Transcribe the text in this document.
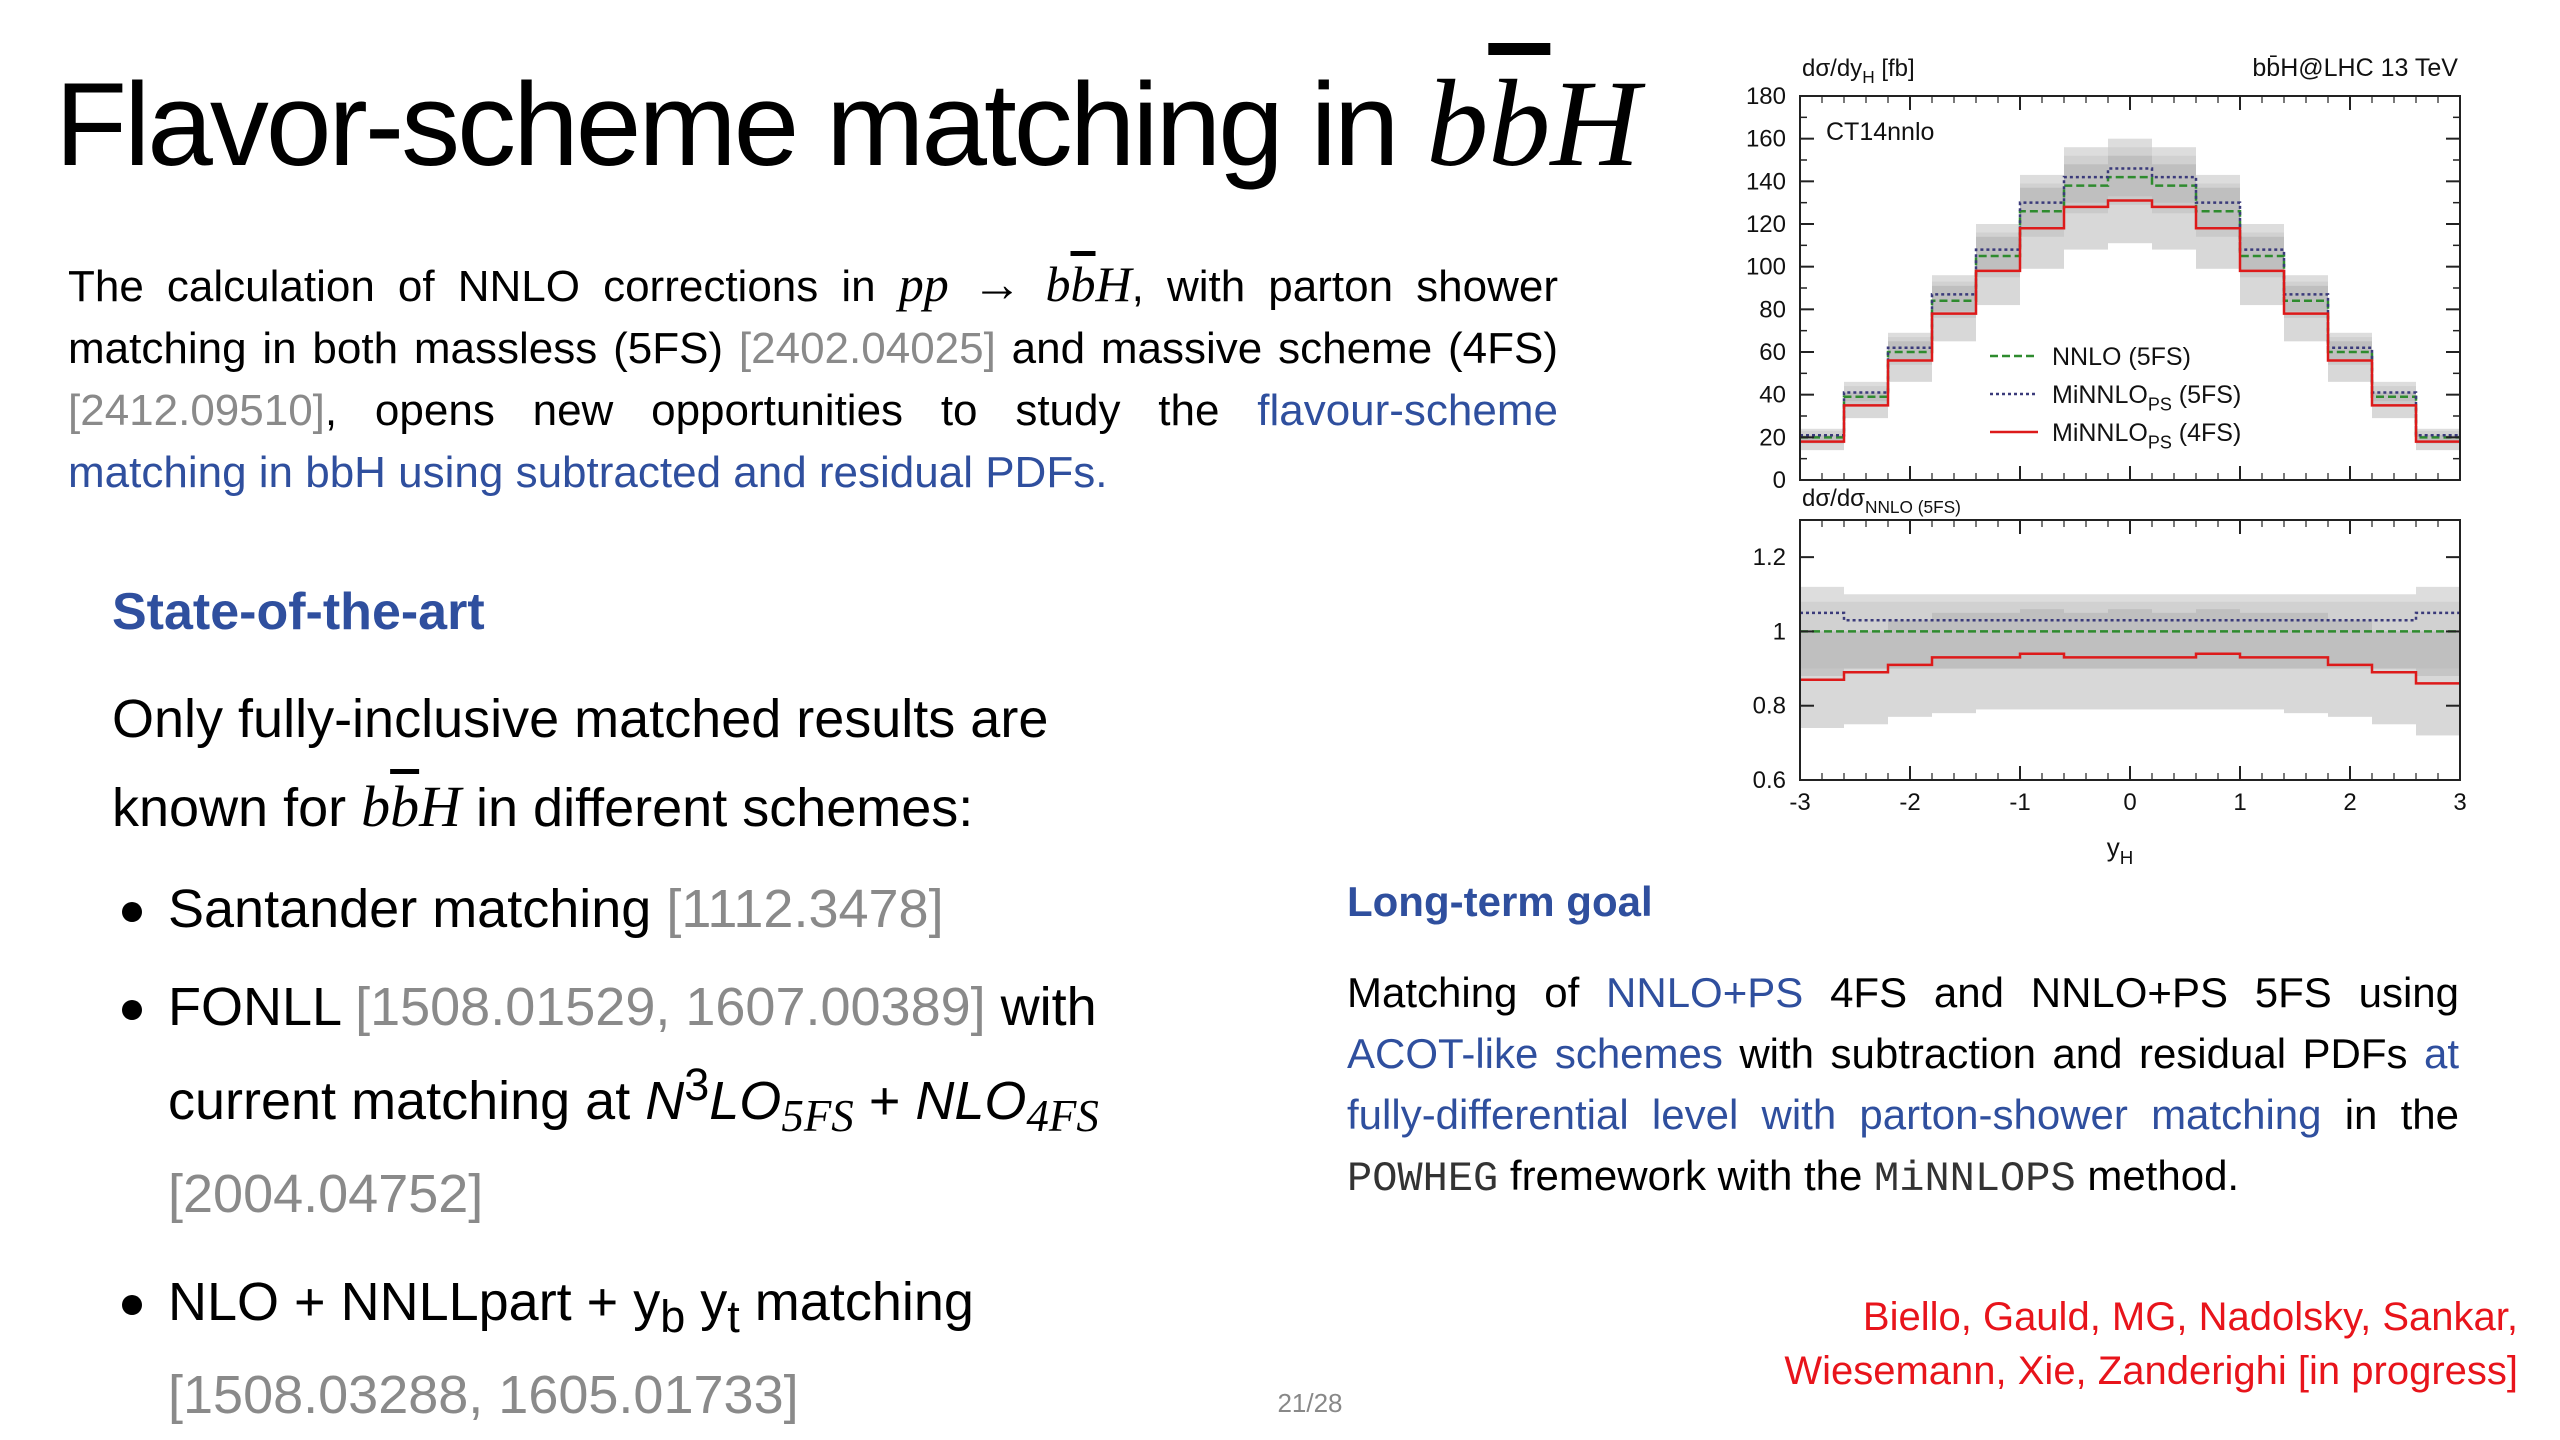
Flavor-scheme matching in bbH

The calculation of NNLO corrections in pp → $b\overline{b}H$, with parton shower matching in both massless (5FS) [2402.04025] and massive scheme (4FS) [2412.09510], opens new opportunities to study the flavour-scheme matching in bbH using subtracted and residual PDFs.

State-of-the-art

Only fully-inclusive matched results are known for $b\overline{b}H$ in different schemes:

Santander matching [1112.3478]
FONLL [1508.01529, 1607.00389] with current matching at $N^3LO_{5FS} + NLO_{4FS}$
[2004.04752]
NLO + NNLLpart + $y_b$ $y_t$ matching
[1508.03288, 1605.01733]
Long-term goal

Matching of NNLO+PS 4FS and NNLO+PS 5FS using ACOT-like schemes with subtraction and residual PDFs at fully-differential level with parton-shower matching in the POWHEG fremework with the MiNNLOPS method.

Biello, Gauld, MG, Nadolsky, Sankar,
Wiesemann, Xie, Zanderighi [in progress]

21/28
0
20
40
60
80
100
120
140
160
180
0.6
0.8
1
1.2
-3	-2	-1	0	1	2	3
$d\sigma/dy_H$ [fb]	bb̄H@LHC 13 TeV
CT14nnlo
$d\sigma/d\sigma_{NNLO (5FS)}$
$y_H$
NNLO (5FS)
MiNNLO$_{PS}$ (5FS)
MiNNLO$_{PS}$ (4FS)
